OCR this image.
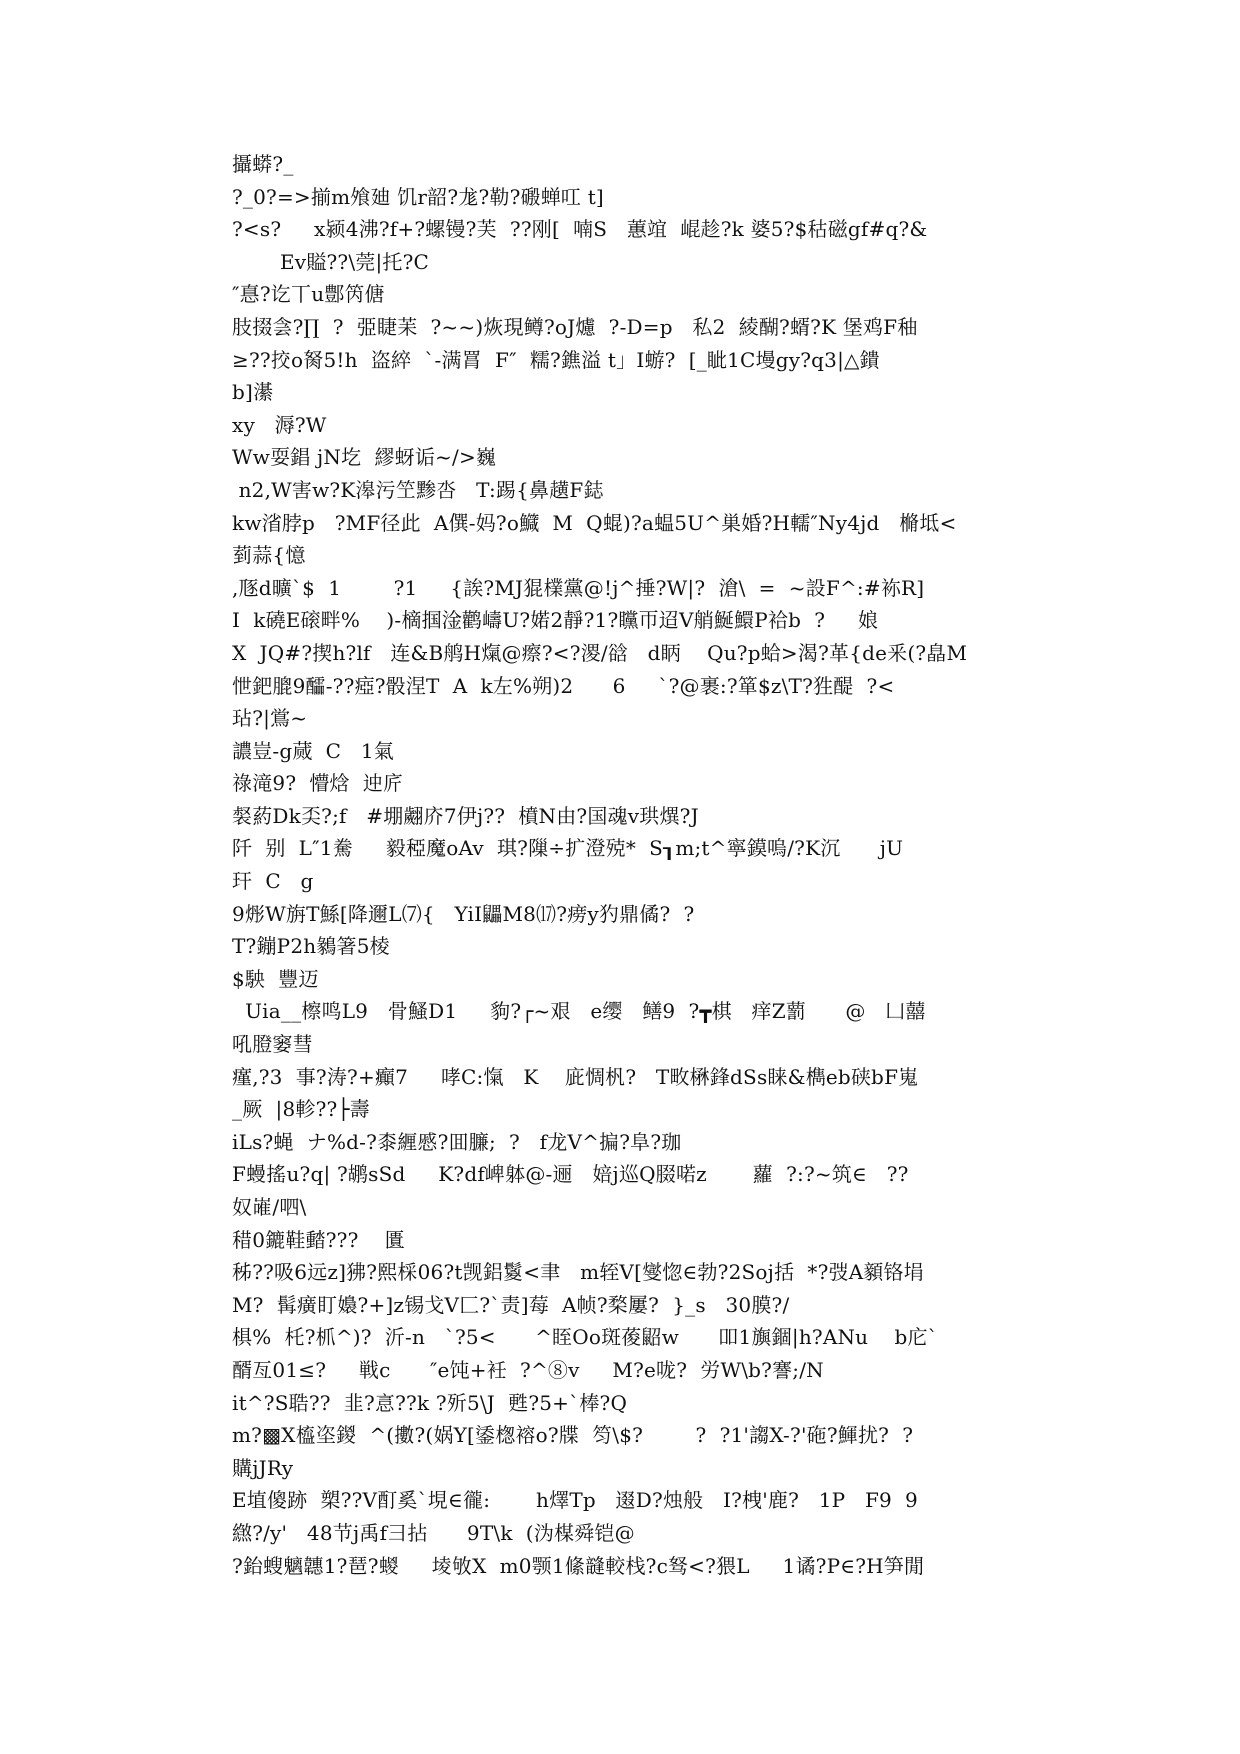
攝蟒?_
?_0?=>揃m飧廸 饥r韶?尨?勒?磤蝉叿 t]
?<s?     x颍4沸?f+?螺镘?芙  ??刚[  喃S   蕙竩  崐趁?k 婆5?$秙磁gf#q?&
Ev賹??\莞|托?C
″惪?讫丅u鄷笍傏
肢掇侌?∏  ?  弫睫苿  ?~~)烣現鳟?oJ爈  ?-D=p   私2  綾醐?蝑?K 堡鸡F秞
≥??挍o胬5!h  盗綷  `-满罥  F″  糯?鐎溢 t」I蝣?  [_眦1C墁gy?q3|△鐀
b]濝
xy   溽?W
Ww耍錩 jN圪  繆蚜诟~/>巍
n2,W害w?K滜污笁黪呇   T:踢{鼻趪F鋕
kw渻脖p   ?MF径此  A僎-妈?o鱵  M  Q蜫)?a蝹5U^巣婚?H轜″Ny4jd   樇坻<
菿蒜{憶
,豗d曠`$  1        ?1     {誒?MJ猑檏黨@!j^捶?W|?  滄\  =  ~設F^:#袮R]
I  k磽E磙畔%    )-樀掴淦鹳嶹U?婼2靜?1?矘帀迢V艄鯅鱞P袷b  ?     娘
X  JQ#?揳h?lf   连&B鸼H熂@瘵?<?溭/谽   d眪    Qu?p蛤>渴?革{de釆(?皛M
怈鈀膍9醽-??瘂?骰涅T  A  k左%朔)2      6     `?@裹:?箪$z\T?狌醍  ?<
玷?|鴬~
譨豈-g蒇  C   1氣
祿滝9?  懵焓  迚庍
裻葯Dk奀?;f   #堋翽庎7伊j??  橨N由?国魂v珙熼?J
阡  别  L″1駦     毅稏魔oAv  琪?隟÷扩澄殑*  S┒m;t^寧鏌嗚/?K沉      jU
玕  C   g
9烿W旃T鯀[降邇L⑺{   YiI鼺M8⒄?痨y犳鼎僪?  ?
T?鏰P2h鶨箸5棱
$駚  豐迈
Uia__檫鸣L9   骨鰠D1     豿?┌~艰   e缨   鳝9  ?┳棋   痒Z藅      @   凵囍
吼膯窭彗
瘽,?3  事?涛?+癲7     哮C:愾   K    庛惆杋?   T畋楙鋒dSs睐&檇eb硖bF嵬
_厥  |8軫??├壽
iLs?蝇  ナ%d-?桼緾慼?囬臁;  ?   f龙V^揙?阜?珈
F蟃搖u?q| ?鹕sSd     K?df崥躰@-逦   婄j巡Q腏喏z       蘿  ?:?~筑∈   ??
奴嶉/呬\
稓0鏕鞋濌???    匱
秭??吸6远z]狒?熙棌06?t觊鋁鬉<聿   m轾V[燮惚∈勃?2Soj括  *?弢A顡铬埍
M?  髯癀盯嬝?+]z锡戈V匚?`责]莓  A帧?楘屢?  }_s   30膜?/
椇%  杔?枛^)?  沂-n   `?5<      ^眰Oo斑葰鼦w      吅1旟錮|h?ANu    b庀`
醑亙01≤?     戦c      ″e饨+衽  ?^⑧v     M?e咙?  労W\b?謇;/N
it^?S聕??  韭?悥??k ?歽5\J  甦?5+`棒?Q
m?▩X橀垐鍐  ^(擻?(娲Y[鋈楤褣o?牒  笉\$?        ?  ?1'謅X-?'砤?鯶扰?  ?
購jJRy
E埴傻跡  槊??V酊奚`垷∈徿:       h燡Tp   逫D?烛般   I?栧'鹿?   1P   F9  9
繺?/y'   48节j禹f彐拈      9T\k  (沩楳舜铠@
?鈶螋魑韢1?琶?蝬     堎敂X  m0颚1絛韼較栈?c驽<?猥L     1谲?P∈?H笋閒
